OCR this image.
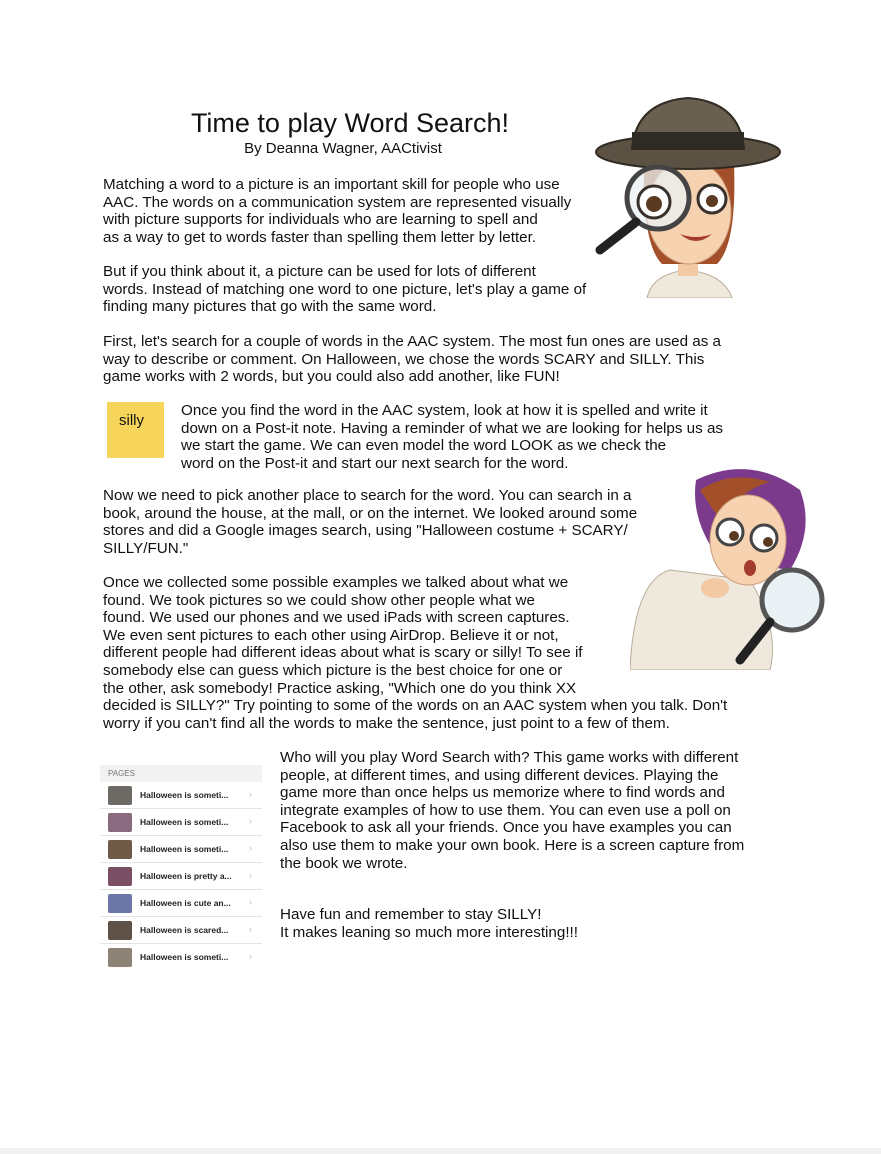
Time to play Word Search!
By Deanna Wagner, AACtivist
Matching a word to a picture is an important skill for people who use
AAC. The words on a communication system are represented visually
with picture supports for individuals who are learning to spell and
as a way to get to words faster than spelling them letter by letter.
But if you think about it, a picture can be used for lots of different
words. Instead of matching one word to one picture, let's play a game of
finding many pictures that go with the same word.
First, let's search for a couple of words in the AAC system. The most fun ones are used as a
way to describe or comment. On Halloween, we chose the words SCARY and SILLY. This
game works with 2 words, but you could also add another, like FUN!
silly
Once you find the word in the AAC system, look at how it is spelled and write it
down on a Post-it note. Having a reminder of what we are looking for helps us as
we start the game. We can even model the word LOOK as we check the
word on the Post-it and start our next search for the word.
Now we need to pick another place to search for the word. You can search in a
book, around the house, at the mall, or on the internet. We looked around some
stores and did a Google images search, using "Halloween costume + SCARY/
SILLY/FUN."
Once we collected some possible examples we talked about what we
found. We took pictures so we could show other people what we
found. We used our phones and we used iPads with screen captures.
We even sent pictures to each other using AirDrop. Believe it or not,
different people had different ideas about what is scary or silly! To see if
somebody else can guess which picture is the best choice for one or
the other, ask somebody! Practice asking, "Which one do you think XX
decided is SILLY?" Try pointing to some of the words on an AAC system when you talk. Don't
worry if you can't find all the words to make the sentence, just point to a few of them.
PAGES
Halloween is someti... ›
Halloween is someti... ›
Halloween is someti... ›
Halloween is pretty a... ›
Halloween is cute an... ›
Halloween is scared... ›
Halloween is someti... ›
Who will you play Word Search with? This game works with different
people, at different times, and using different devices. Playing the
game more than once helps us memorize where to find words and
integrate examples of how to use them. You can even use a poll on
Facebook to ask all your friends. Once you have examples you can
also use them to make your own book. Here is a screen capture from
the book we wrote.
Have fun and remember to stay SILLY!
It makes leaning so much more interesting!!!
